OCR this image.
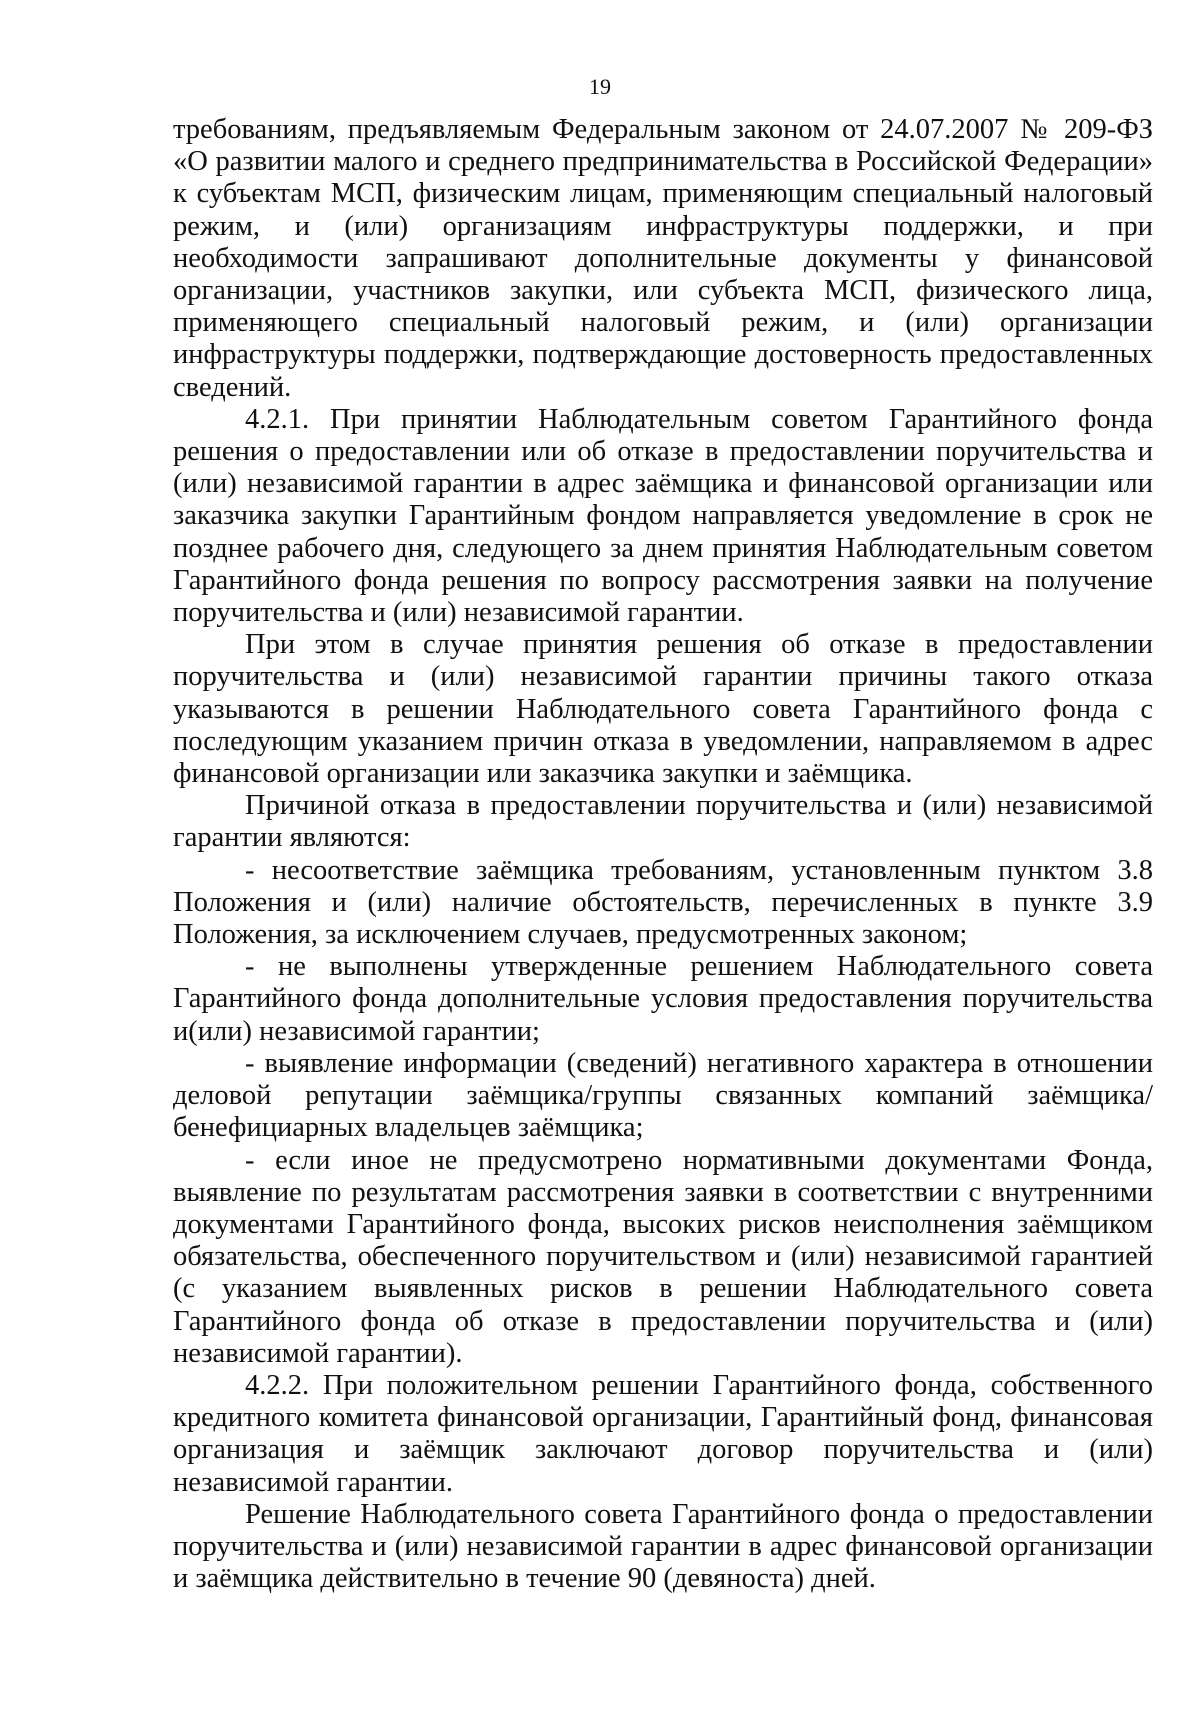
19

требованиям, предъявляемым Федеральным законом от 24.07.2007 № 209-ФЗ «О развитии малого и среднего предпринимательства в Российской Федерации» к субъектам МСП, физическим лицам, применяющим специальный налоговый режим, и (или) организациям инфраструктуры поддержки, и при необходимости запрашивают дополнительные документы у финансовой организации, участников закупки, или субъекта МСП, физического лица, применяющего специальный налоговый режим, и (или) организации инфраструктуры поддержки, подтверждающие достоверность предоставленных сведений.

4.2.1. При принятии Наблюдательным советом Гарантийного фонда решения о предоставлении или об отказе в предоставлении поручительства и (или) независимой гарантии в адрес заёмщика и финансовой организации или заказчика закупки Гарантийным фондом направляется уведомление в срок не позднее рабочего дня, следующего за днем принятия Наблюдательным советом Гарантийного фонда решения по вопросу рассмотрения заявки на получение поручительства и (или) независимой гарантии.

При этом в случае принятия решения об отказе в предоставлении поручительства и (или) независимой гарантии причины такого отказа указываются в решении Наблюдательного совета Гарантийного фонда с последующим указанием причин отказа в уведомлении, направляемом в адрес финансовой организации или заказчика закупки и заёмщика.

Причиной отказа в предоставлении поручительства и (или) независимой гарантии являются:

- несоответствие заёмщика требованиям, установленным пунктом 3.8 Положения и (или) наличие обстоятельств, перечисленных в пункте 3.9 Положения, за исключением случаев, предусмотренных законом;

- не выполнены утвержденные решением Наблюдательного совета Гарантийного фонда дополнительные условия предоставления поручительства и(или) независимой гарантии;

- выявление информации (сведений) негативного характера в отношении деловой репутации заёмщика/группы связанных компаний заёмщика/бенефициарных владельцев заёмщика;

- если иное не предусмотрено нормативными документами Фонда, выявление по результатам рассмотрения заявки в соответствии с внутренними документами Гарантийного фонда, высоких рисков неисполнения заёмщиком обязательства, обеспеченного поручительством и (или) независимой гарантией (с указанием выявленных рисков в решении Наблюдательного совета Гарантийного фонда об отказе в предоставлении поручительства и (или) независимой гарантии).

4.2.2. При положительном решении Гарантийного фонда, собственного кредитного комитета финансовой организации, Гарантийный фонд, финансовая организация и заёмщик заключают договор поручительства и (или) независимой гарантии.

Решение Наблюдательного совета Гарантийного фонда о предоставлении поручительства и (или) независимой гарантии в адрес финансовой организации и заёмщика действительно в течение 90 (девяноста) дней.
